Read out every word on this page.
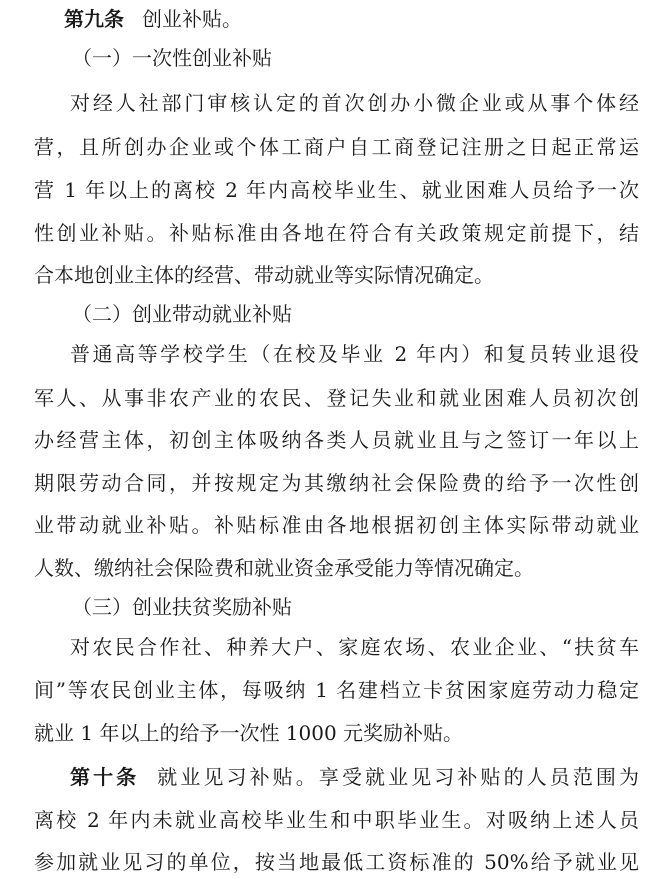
第九条 创业补贴。
（一）一次性创业补贴
对经人社部门审核认定的首次创办小微企业或从事个体经
营，且所创办企业或个体工商户自工商登记注册之日起正常运
营 1 年以上的离校 2 年内高校毕业生、就业困难人员给予一次
性创业补贴。补贴标准由各地在符合有关政策规定前提下，结
合本地创业主体的经营、带动就业等实际情况确定。
（二）创业带动就业补贴
普通高等学校学生（在校及毕业 2 年内）和复员转业退役
军人、从事非农产业的农民、登记失业和就业困难人员初次创
办经营主体，初创主体吸纳各类人员就业且与之签订一年以上
期限劳动合同，并按规定为其缴纳社会保险费的给予一次性创
业带动就业补贴。补贴标准由各地根据初创主体实际带动就业
人数、缴纳社会保险费和就业资金承受能力等情况确定。
（三）创业扶贫奖励补贴
对农民合作社、种养大户、家庭农场、农业企业、“扶贫车
间”等农民创业主体，每吸纳 1 名建档立卡贫困家庭劳动力稳定
就业 1 年以上的给予一次性 1000 元奖励补贴。
第十条 就业见习补贴。享受就业见习补贴的人员范围为
离校 2 年内未就业高校毕业生和中职毕业生。对吸纳上述人员
参加就业见习的单位，按当地最低工资标准的 50%给予就业见
